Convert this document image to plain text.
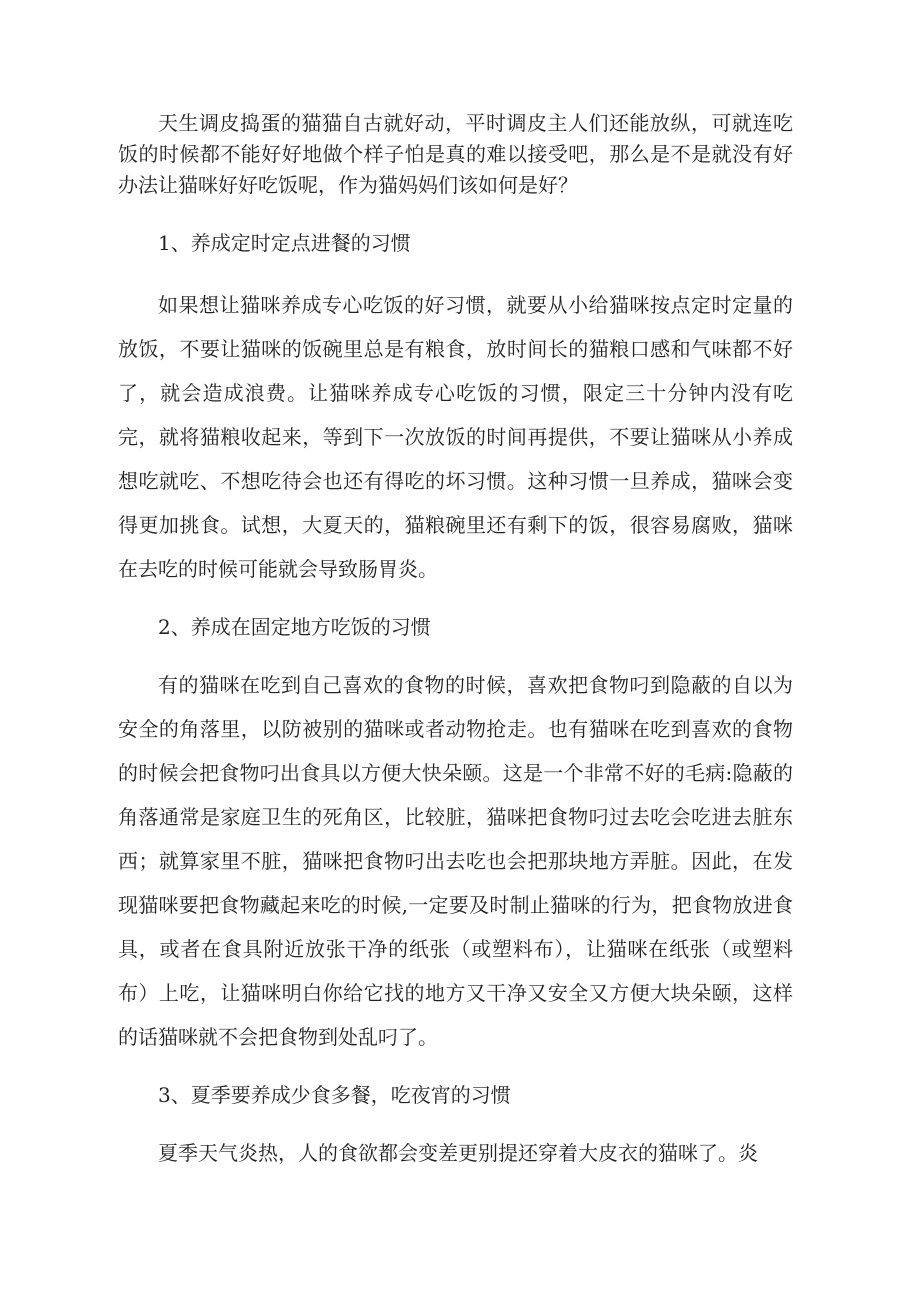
天生调皮捣蛋的猫猫自古就好动，平时调皮主人们还能放纵，可就连吃饭的时候都不能好好地做个样子怕是真的难以接受吧，那么是不是就没有好办法让猫咪好好吃饭呢，作为猫妈妈们该如何是好？

1、养成定时定点进餐的习惯

如果想让猫咪养成专心吃饭的好习惯，就要从小给猫咪按点定时定量的放饭，不要让猫咪的饭碗里总是有粮食，放时间长的猫粮口感和气味都不好了，就会造成浪费。让猫咪养成专心吃饭的习惯，限定三十分钟内没有吃完，就将猫粮收起来，等到下一次放饭的时间再提供，不要让猫咪从小养成想吃就吃、不想吃待会也还有得吃的坏习惯。这种习惯一旦养成，猫咪会变得更加挑食。试想，大夏天的，猫粮碗里还有剩下的饭，很容易腐败，猫咪在去吃的时候可能就会导致肠胃炎。

2、养成在固定地方吃饭的习惯

有的猫咪在吃到自己喜欢的食物的时候，喜欢把食物叼到隐蔽的自以为安全的角落里，以防被别的猫咪或者动物抢走。也有猫咪在吃到喜欢的食物的时候会把食物叼出食具以方便大快朵颐。这是一个非常不好的毛病:隐蔽的角落通常是家庭卫生的死角区，比较脏，猫咪把食物叼过去吃会吃进去脏东西；就算家里不脏，猫咪把食物叼出去吃也会把那块地方弄脏。因此，在发现猫咪要把食物藏起来吃的时候,一定要及时制止猫咪的行为，把食物放进食具，或者在食具附近放张干净的纸张（或塑料布），让猫咪在纸张（或塑料布）上吃，让猫咪明白你给它找的地方又干净又安全又方便大块朵颐，这样的话猫咪就不会把食物到处乱叼了。

3、夏季要养成少食多餐，吃夜宵的习惯

夏季天气炎热，人的食欲都会变差更别提还穿着大皮衣的猫咪了。炎
